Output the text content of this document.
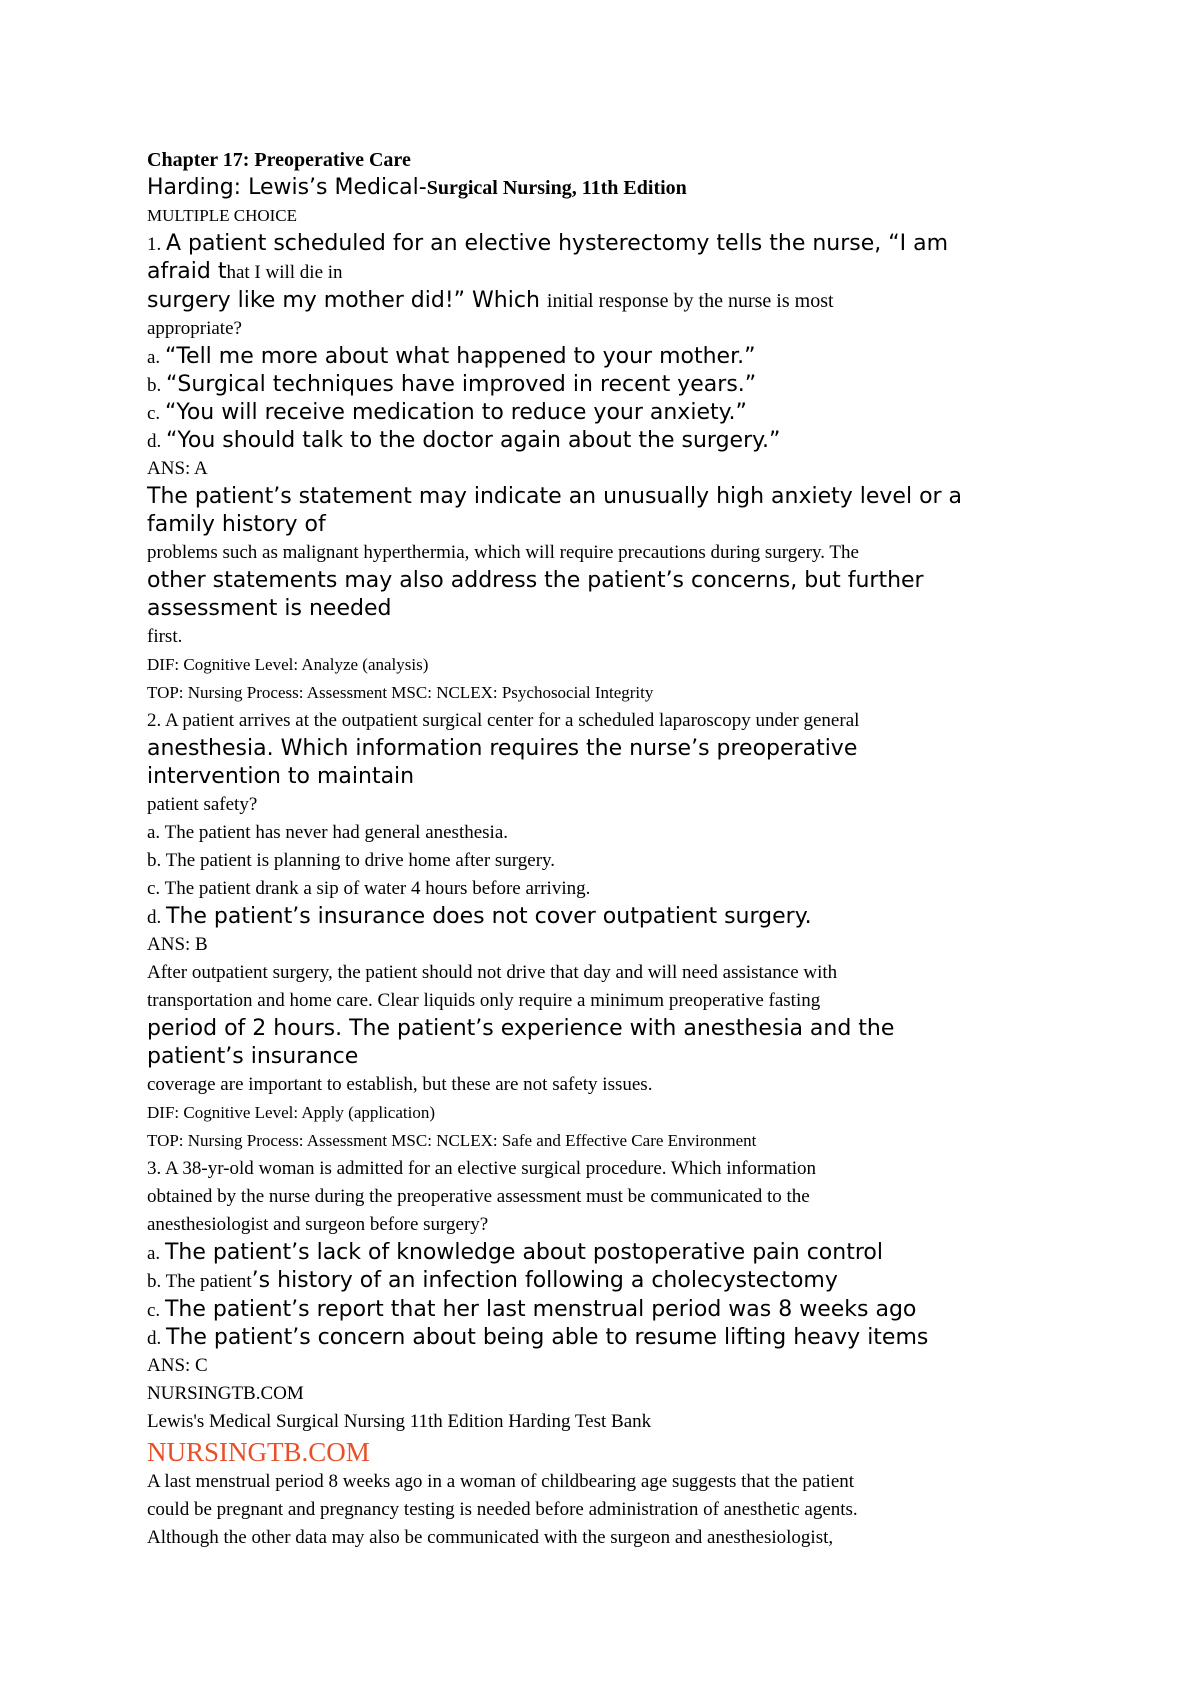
Chapter 17: Preoperative Care
Harding: Lewis’s Medical-Surgical Nursing, 11th Edition
MULTIPLE CHOICE
1. A patient scheduled for an elective hysterectomy tells the nurse, “I am
afraid that I will die in
surgery like my mother did!” Which initial response by the nurse is most
appropriate?
a. “Tell me more about what happened to your mother.”
b. “Surgical techniques have improved in recent years.”
c. “You will receive medication to reduce your anxiety.”
d. “You should talk to the doctor again about the surgery.”
ANS: A
The patient’s statement may indicate an unusually high anxiety level or a
family history of
problems such as malignant hyperthermia, which will require precautions during surgery. The
other statements may also address the patient’s concerns, but further
assessment is needed
first.
DIF: Cognitive Level: Analyze (analysis)
TOP: Nursing Process: Assessment MSC: NCLEX: Psychosocial Integrity
2. A patient arrives at the outpatient surgical center for a scheduled laparoscopy under general
anesthesia. Which information requires the nurse’s preoperative
intervention to maintain
patient safety?
a. The patient has never had general anesthesia.
b. The patient is planning to drive home after surgery.
c. The patient drank a sip of water 4 hours before arriving.
d. The patient’s insurance does not cover outpatient surgery.
ANS: B
After outpatient surgery, the patient should not drive that day and will need assistance with
transportation and home care. Clear liquids only require a minimum preoperative fasting
period of 2 hours. The patient’s experience with anesthesia and the
patient’s insurance
coverage are important to establish, but these are not safety issues.
DIF: Cognitive Level: Apply (application)
TOP: Nursing Process: Assessment MSC: NCLEX: Safe and Effective Care Environment
3. A 38-yr-old woman is admitted for an elective surgical procedure. Which information
obtained by the nurse during the preoperative assessment must be communicated to the
anesthesiologist and surgeon before surgery?
a. The patient’s lack of knowledge about postoperative pain control
b. The patient’s history of an infection following a cholecystectomy
c. The patient’s report that her last menstrual period was 8 weeks ago
d. The patient’s concern about being able to resume lifting heavy items
ANS: C
NURSINGTB.COM
Lewis's Medical Surgical Nursing 11th Edition Harding Test Bank
NURSINGTB.COM
A last menstrual period 8 weeks ago in a woman of childbearing age suggests that the patient
could be pregnant and pregnancy testing is needed before administration of anesthetic agents.
Although the other data may also be communicated with the surgeon and anesthesiologist,
